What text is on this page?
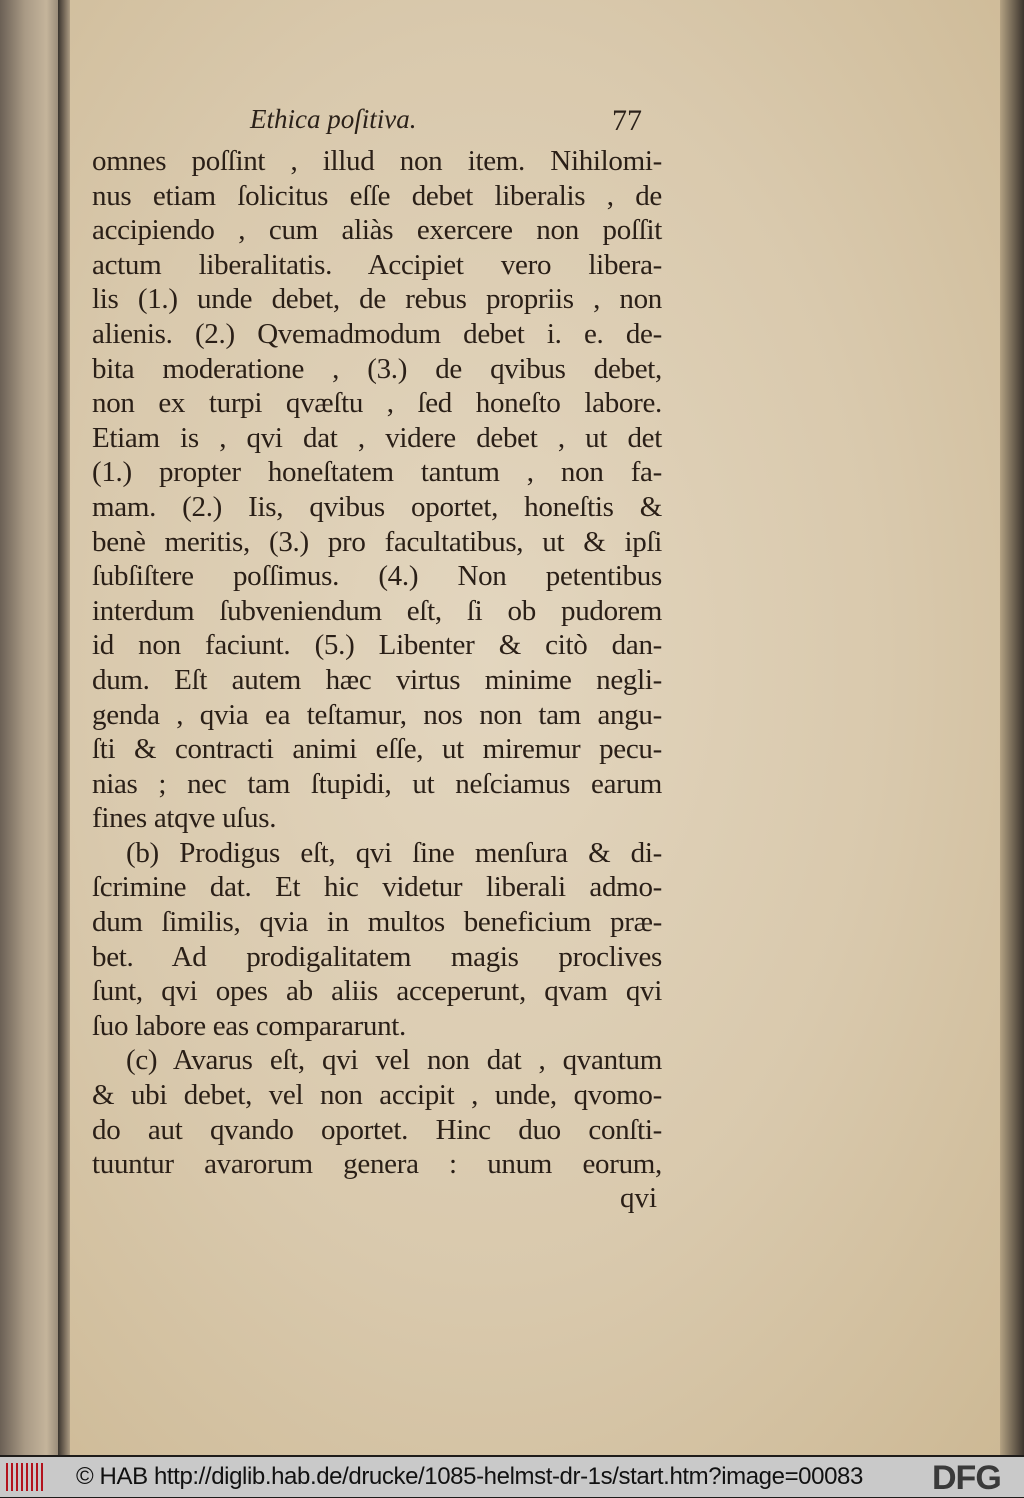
Ethica poſitiva.	77
omnes poſſint , illud non item. Nihilomi-
nus etiam ſolicitus eſſe debet liberalis , de
accipiendo , cum aliàs exercere non poſſit
actum liberalitatis. Accipiet vero libera-
lis (1.) unde debet, de rebus propriis , non
alienis. (2.) Qvemadmodum debet i. e. de-
bita moderatione , (3.) de qvibus debet,
non ex turpi qvæſtu , ſed honeſto labore.
Etiam is , qvi dat , videre debet , ut det
(1.) propter honeſtatem tantum , non fa-
mam. (2.) Iis, qvibus oportet, honeſtis &
benè meritis, (3.) pro facultatibus, ut & ipſi
ſubſiſtere poſſimus. (4.) Non petentibus
interdum ſubveniendum eſt, ſi ob pudorem
id non faciunt. (5.) Libenter & citò dan-
dum. Eſt autem hæc virtus minime negli-
genda , qvia ea teſtamur, nos non tam angu-
ſti & contracti animi eſſe, ut miremur pecu-
nias ; nec tam ſtupidi, ut neſciamus earum
fines atqve uſus.
(b) Prodigus eſt, qvi ſine menſura & di-
ſcrimine dat. Et hic videtur liberali admo-
dum ſimilis, qvia in multos beneficium præ-
bet. Ad prodigalitatem magis proclives
ſunt, qvi opes ab aliis acceperunt, qvam qvi
ſuo labore eas compararunt.
(c) Avarus eſt, qvi vel non dat , qvantum
& ubi debet, vel non accipit , unde, qvomo-
do aut qvando oportet. Hinc duo conſti-
tuuntur avarorum genera : unum eorum,
qvi
© HAB http://diglib.hab.de/drucke/1085-helmst-dr-1s/start.htm?image=00083 DFG
